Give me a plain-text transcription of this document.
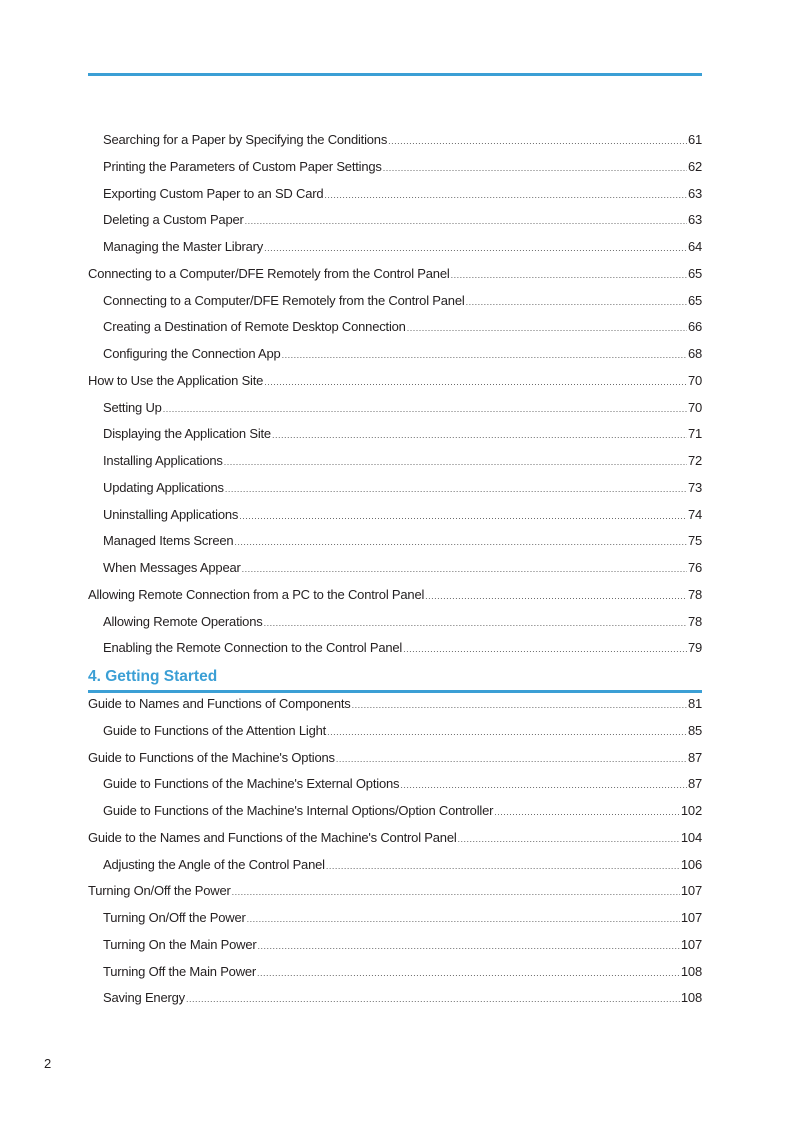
Searching for a Paper by Specifying the Conditions .....	61
Printing the Parameters of Custom Paper Settings .....	62
Exporting Custom Paper to an SD Card .....	63
Deleting a Custom Paper .....	63
Managing the Master Library .....	64
Connecting to a Computer/DFE Remotely from the Control Panel .....	65
Connecting to a Computer/DFE Remotely from the Control Panel .....	65
Creating a Destination of Remote Desktop Connection .....	66
Configuring the Connection App .....	68
How to Use the Application Site .....	70
Setting Up .....	70
Displaying the Application Site .....	71
Installing Applications .....	72
Updating Applications .....	73
Uninstalling Applications .....	74
Managed Items Screen .....	75
When Messages Appear .....	76
Allowing Remote Connection from a PC to the Control Panel .....	78
Allowing Remote Operations .....	78
Enabling the Remote Connection to the Control Panel .....	79
4. Getting Started
Guide to Names and Functions of Components .....	81
Guide to Functions of the Attention Light .....	85
Guide to Functions of the Machine's Options .....	87
Guide to Functions of the Machine's External Options .....	87
Guide to Functions of the Machine's Internal Options/Option Controller .....	102
Guide to the Names and Functions of the Machine's Control Panel .....	104
Adjusting the Angle of the Control Panel .....	106
Turning On/Off the Power .....	107
Turning On/Off the Power .....	107
Turning On the Main Power .....	107
Turning Off the Main Power .....	108
Saving Energy .....	108
2
